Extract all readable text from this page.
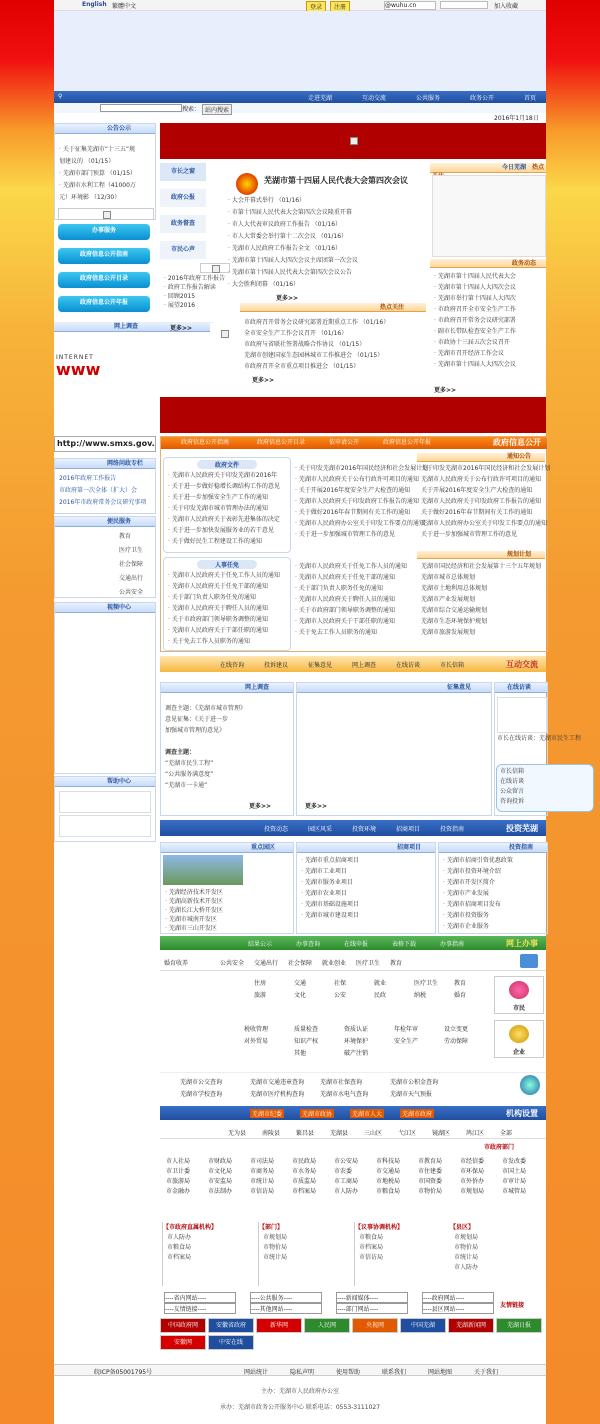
繁體中文
English	登录	注册	@wuhu.cn	加入收藏
首页
政务公开
公共服务
互动交流
走进芜湖
⚲
搜索： 站内搜索
2016年1月18日
公告公示
· 关于征集芜湖市“十三五”规
划建议的 （01/15）
· 芜湖市部门预算 （01/15）
· 芜湖市水利工程（41000万
元）环境影 （12/30）
办事服务
政府信息公开指南
政府信息公开目录
政府信息公开年报
网上调查
INTERNET
www
http://www.smxs.gov.
网络问政专栏
2016年政府工作报告
市政府第一次全体（扩大）会
2016年市政府常务会议研究事项
便民服务
教育
医疗卫生
社会保障
交通出行
公共安全
视频中心
帮助中心
市长之窗
政府公报
政务督查
市民心声
· 2016年政府工作报告
· 政府工作报告解读
· 回顾2015
· 展望2016
更多>>
芜湖市第十四届人民代表大会第四次会议
· 大会开幕式举行 （01/16）
· 市第十四届人民代表大会第四次会议隆重开幕
· 市人大代表审议政府工作报告 （01/16）
· 市人大常委会举行第十二次会议 （01/16）
· 芜湖市人民政府工作报告全文 （01/16）
· 芜湖市第十四届人大四次会议主席团第一次会议
· 芜湖市第十四届人民代表大会第四次会议公告
· 大会胜利闭幕 （01/16）
更多>>
热点关注
市政府召开常务会议研究部署近期重点工作 （01/16）
全市安全生产工作会议召开 （01/16）
市政府与省联社签署战略合作协议 （01/15）
芜湖市创建国家生态园林城市工作推进会 （01/15）
市政府召开全市重点项目推进会 （01/15）
更多>>
今日芜湖 热点
政务动态
· 芜湖市第十四届人民代表大会
· 芜湖市第十四届人大四次会议
· 芜湖市举行第十四届人大四次
· 市政府召开全市安全生产工作
· 市政府召开常务会议研究部署
· 副市长带队检查安全生产工作
· 市政协十三届五次会议召开
· 芜湖市召开经济工作会议
· 芜湖市第十四届人大四次会议
更多>>
政府信息公开
政府信息公开指南	政府信息公开目录	依申请公开	政府信息公开年报
通知公告
关于印发芜湖市2016年国民经济和社会发展计划
芜湖市人民政府关于公布行政许可项目的通知
关于开展2016年度安全生产大检查的通知
芜湖市人民政府关于印发政府工作报告的通知
关于做好2016年春节期间有关工作的通知
芜湖市人民政府办公室关于印发工作要点的通知
关于进一步加强城市管理工作的意见
规划计划
芜湖市国民经济和社会发展第十三个五年规划
芜湖市城市总体规划
芜湖市土地利用总体规划
芜湖市产业发展规划
芜湖市综合交通运输规划
芜湖市生态环境保护规划
芜湖市旅游发展规划
· 关于印发芜湖市2016年国民经济和社会发展计划
· 芜湖市人民政府关于公布行政许可项目的通知
· 关于开展2016年度安全生产大检查的通知
· 芜湖市人民政府关于印发政府工作报告的通知
· 关于做好2016年春节期间有关工作的通知
· 芜湖市人民政府办公室关于印发工作要点的通知
· 关于进一步加强城市管理工作的意见
· 芜湖市人民政府关于任免工作人员的通知
· 芜湖市人民政府关于任免干部的通知
· 关于部门负责人职务任免的通知
· 芜湖市人民政府关于聘任人员的通知
· 关于市政府部门领导职务调整的通知
· 芜湖市人民政府关于干部任职的通知
· 关于免去工作人员职务的通知
政府文件
· 芜湖市人民政府关于印发芜湖市2016年
· 关于进一步做好稳增长调结构工作的意见
· 关于进一步加强安全生产工作的通知
· 关于印发芜湖市城市管理办法的通知
· 芜湖市人民政府关于表彰先进集体的决定
· 关于进一步加快发展服务业的若干意见
· 关于做好民生工程建设工作的通知
人事任免
· 芜湖市人民政府关于任免工作人员的通知
· 芜湖市人民政府关于任免干部的通知
· 关于部门负责人职务任免的通知
· 芜湖市人民政府关于聘任人员的通知
· 关于市政府部门领导职务调整的通知
· 芜湖市人民政府关于干部任职的通知
· 关于免去工作人员职务的通知
互动交流
市长信箱
在线访谈
网上调查
征集意见
投诉建议
在线咨询
网上调查
调查主题：《芜湖市城市管理》
意见征集：《关于进一步
加强城市管理的意见》
调查主题：
“芜湖市民生工程”
“公共服务满意度”
“芜湖市一卡通”
更多>>
征集意见
更多>>
在线访谈
市长在线访谈：芜湖市民生工程
市长信箱
在线访谈
公众留言
咨询投诉
投资芜湖
投资指南
招商项目
投资环境
园区风采
投资动态
投资指南
· 芜湖市招商引资优惠政策
· 芜湖市投资环境介绍
· 芜湖市开发区简介
· 芜湖市产业发展
· 芜湖市招商项目发布
· 芜湖市投资服务
· 芜湖市企业服务
招商项目
· 芜湖市重点招商项目
· 芜湖市工业项目
· 芜湖市服务业项目
· 芜湖市农业项目
· 芜湖市基础设施项目
· 芜湖市城市建设项目
重点园区
· 芜湖经济技术开发区
· 芜湖高新技术开发区
· 芜湖长江大桥开发区
· 芜湖市城南开发区
· 芜湖市三山开发区
网上办事
办事指南
表格下载
在线申报
办事查询
结果公示
教育
医疗卫生
就业创业
社会保障
交通出行
公共安全
婚育收养
市民
企业
教育
医疗卫生
就业
社保
交通
住房
婚育
纳税
民政
公安
文化
旅游
设立变更
年检年审
资质认证
质量检查
税收管理
劳动保障
安全生产
环境保护
知识产权
对外贸易
破产注销
其他
芜湖市公积金查询
芜湖市社保查询
芜湖市交通违章查询
芜湖市公交查询
芜湖市天气预报
芜湖市水电气查询
芜湖市医疗机构查询
芜湖市学校查询
机构设置
芜湖市政府
芜湖市人大
芜湖市政协
芜湖市纪委
全部
鸠江区
镜湖区
弋江区
三山区
芜湖县
繁昌县
南陵县
无为县
市政府部门
市发改委
市经信委
市教育局
市科技局
市公安局
市民政局
市司法局
市财政局
市人社局
市国土局
市环保局
市住建委
市交通局
市农委
市水务局
市商务局
市文化局
市卫计委
市审计局
市外侨办
市国资委
市地税局
市工商局
市质监局
市统计局
市安监局
市旅游局
市城管局
市规划局
市物价局
市粮食局
市人防办
市档案局
市信访局
市法制办
市金融办
【县区】
市规划局
市物价局
市统计局
市人防办
【议事协调机构】
市粮食局
市档案局
市信访局
【部门】
市规划局
市物价局
市统计局
【市政府直属机构】
市人防办
市粮食局
市档案局
----政府网站----
----新闻媒体----
----公共服务----
----省内网站----
----县区网站----
----部门网站----
----其他网站----
----友情链接----
友情链接
中国政府网	安徽省政府	新华网	人民网	央视网	中国芜湖	芜湖新闻网	芜湖日报
安徽网	中安在线
关于我们
网站地图
联系我们
使用帮助
隐私声明
网站统计
皖ICP备05001795号
主办：芜湖市人民政府办公室
承办：芜湖市政务公开服务中心 联系电话：0553-3111027
